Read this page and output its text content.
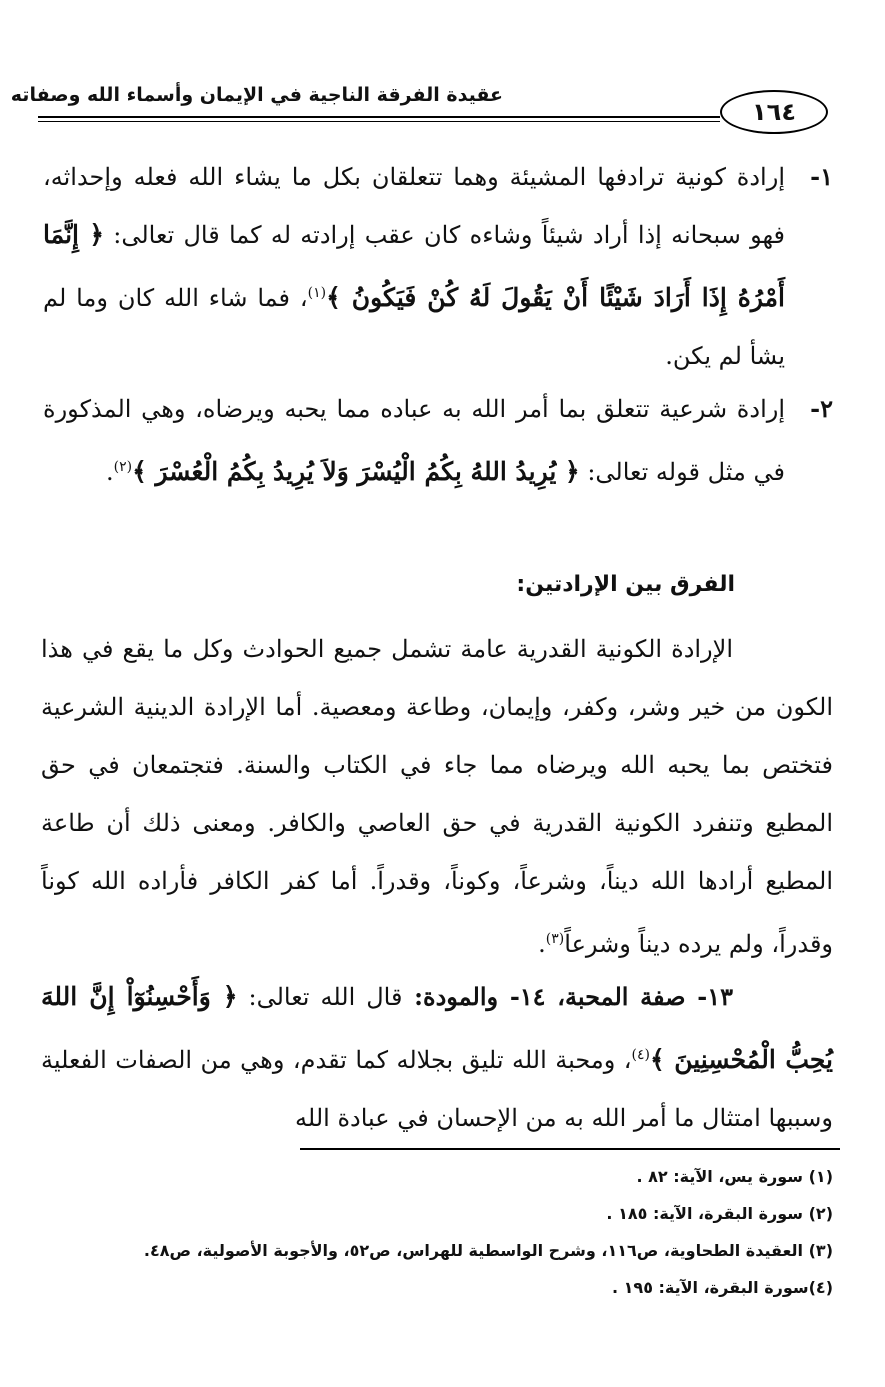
١٦٤
عقيدة الفرقة الناجية في الإيمان وأسماء الله وصفاته
١-
إرادة كونية ترادفها المشيئة وهما تتعلقان بكل ما يشاء الله فعله وإحداثه، فهو سبحانه إذا أراد شيئاً وشاءه كان عقب إرادته له كما قال تعالى: ﴿ إِنَّمَا أَمْرُهُ إِذَا أَرَادَ شَيْئًا أَنْ يَقُولَ لَهُ كُنْ فَيَكُونُ ﴾$^{(١)}$، فما شاء الله كان وما لم يشأ لم يكن.
٢-
إرادة شرعية تتعلق بما أمر الله به عباده مما يحبه ويرضاه، وهي المذكورة في مثل قوله تعالى: ﴿ يُرِيدُ اللهُ بِكُمُ الْيُسْرَ وَلاَ يُرِيدُ بِكُمُ الْعُسْرَ ﴾$^{(٢)}$.
الفرق بين الإرادتين:
الإرادة الكونية القدرية عامة تشمل جميع الحوادث وكل ما يقع في هذا الكون من خير وشر، وكفر، وإيمان، وطاعة ومعصية. أما الإرادة الدينية الشرعية فتختص بما يحبه الله ويرضاه مما جاء في الكتاب والسنة. فتجتمعان في حق المطيع وتنفرد الكونية القدرية في حق العاصي والكافر. ومعنى ذلك أن طاعة المطيع أرادها الله ديناً، وشرعاً، وكوناً، وقدراً. أما كفر الكافر فأراده الله كوناً وقدراً، ولم يرده ديناً وشرعاً$^{(٣)}$.
١٣- صفة المحبة، ١٤- والمودة: قال الله تعالى: ﴿ وَأَحْسِنُوٓاْ إِنَّ اللهَ يُحِبُّ الْمُحْسِنِينَ ﴾$^{(٤)}$، ومحبة الله تليق بجلاله كما تقدم، وهي من الصفات الفعلية وسببها امتثال ما أمر الله به من الإحسان في عبادة الله
(١) سورة يس، الآية: ٨٢ .
(٢) سورة البقرة، الآية: ١٨٥ .
(٣) العقيدة الطحاوية، ص١١٦، وشرح الواسطية للهراس، ص٥٢، والأجوبة الأصولية، ص٤٨.
(٤)سورة البقرة، الآية: ١٩٥ .
